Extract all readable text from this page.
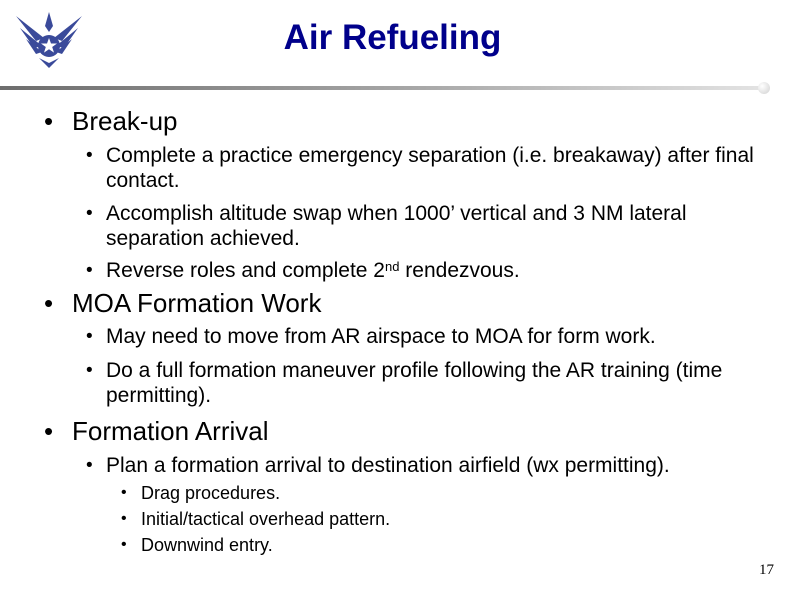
Air Refueling
• Break-up
• Complete a practice emergency separation (i.e. breakaway) after final contact.
• Accomplish altitude swap when 1000’ vertical and 3 NM lateral separation achieved.
• Reverse roles and complete 2nd rendezvous.
• MOA Formation Work
• May need to move from AR airspace to MOA for form work.
• Do a full formation maneuver profile following the AR training (time permitting).
• Formation Arrival
• Plan a formation arrival to destination airfield (wx permitting).
• Drag procedures.
• Initial/tactical overhead pattern.
• Downwind entry.
17
